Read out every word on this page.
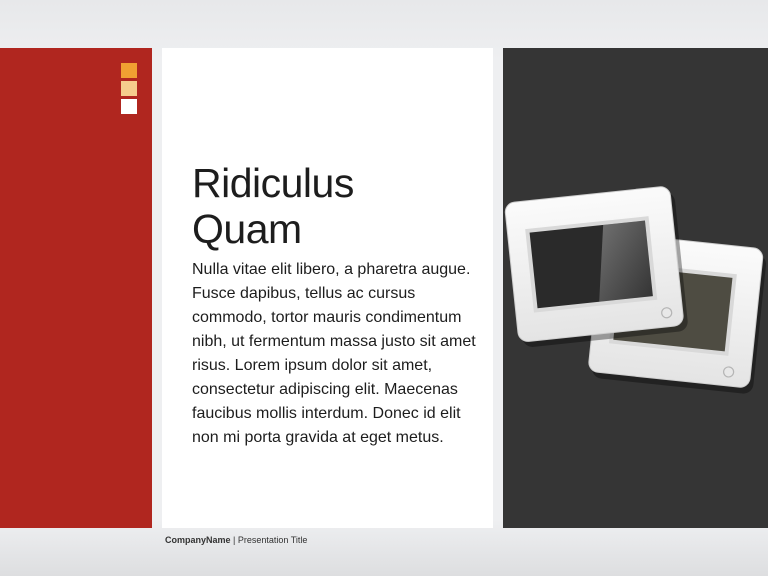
Ridiculus
Quam

Nulla vitae elit libero, a pharetra augue. Fusce dapibus, tellus ac cursus commodo, tortor mauris condimentum nibh, ut fermentum massa justo sit amet risus. Lorem ipsum dolor sit amet, consectetur adipiscing elit. Maecenas faucibus mollis interdum. Donec id elit non mi porta gravida at eget metus.

CompanyName | Presentation Title
